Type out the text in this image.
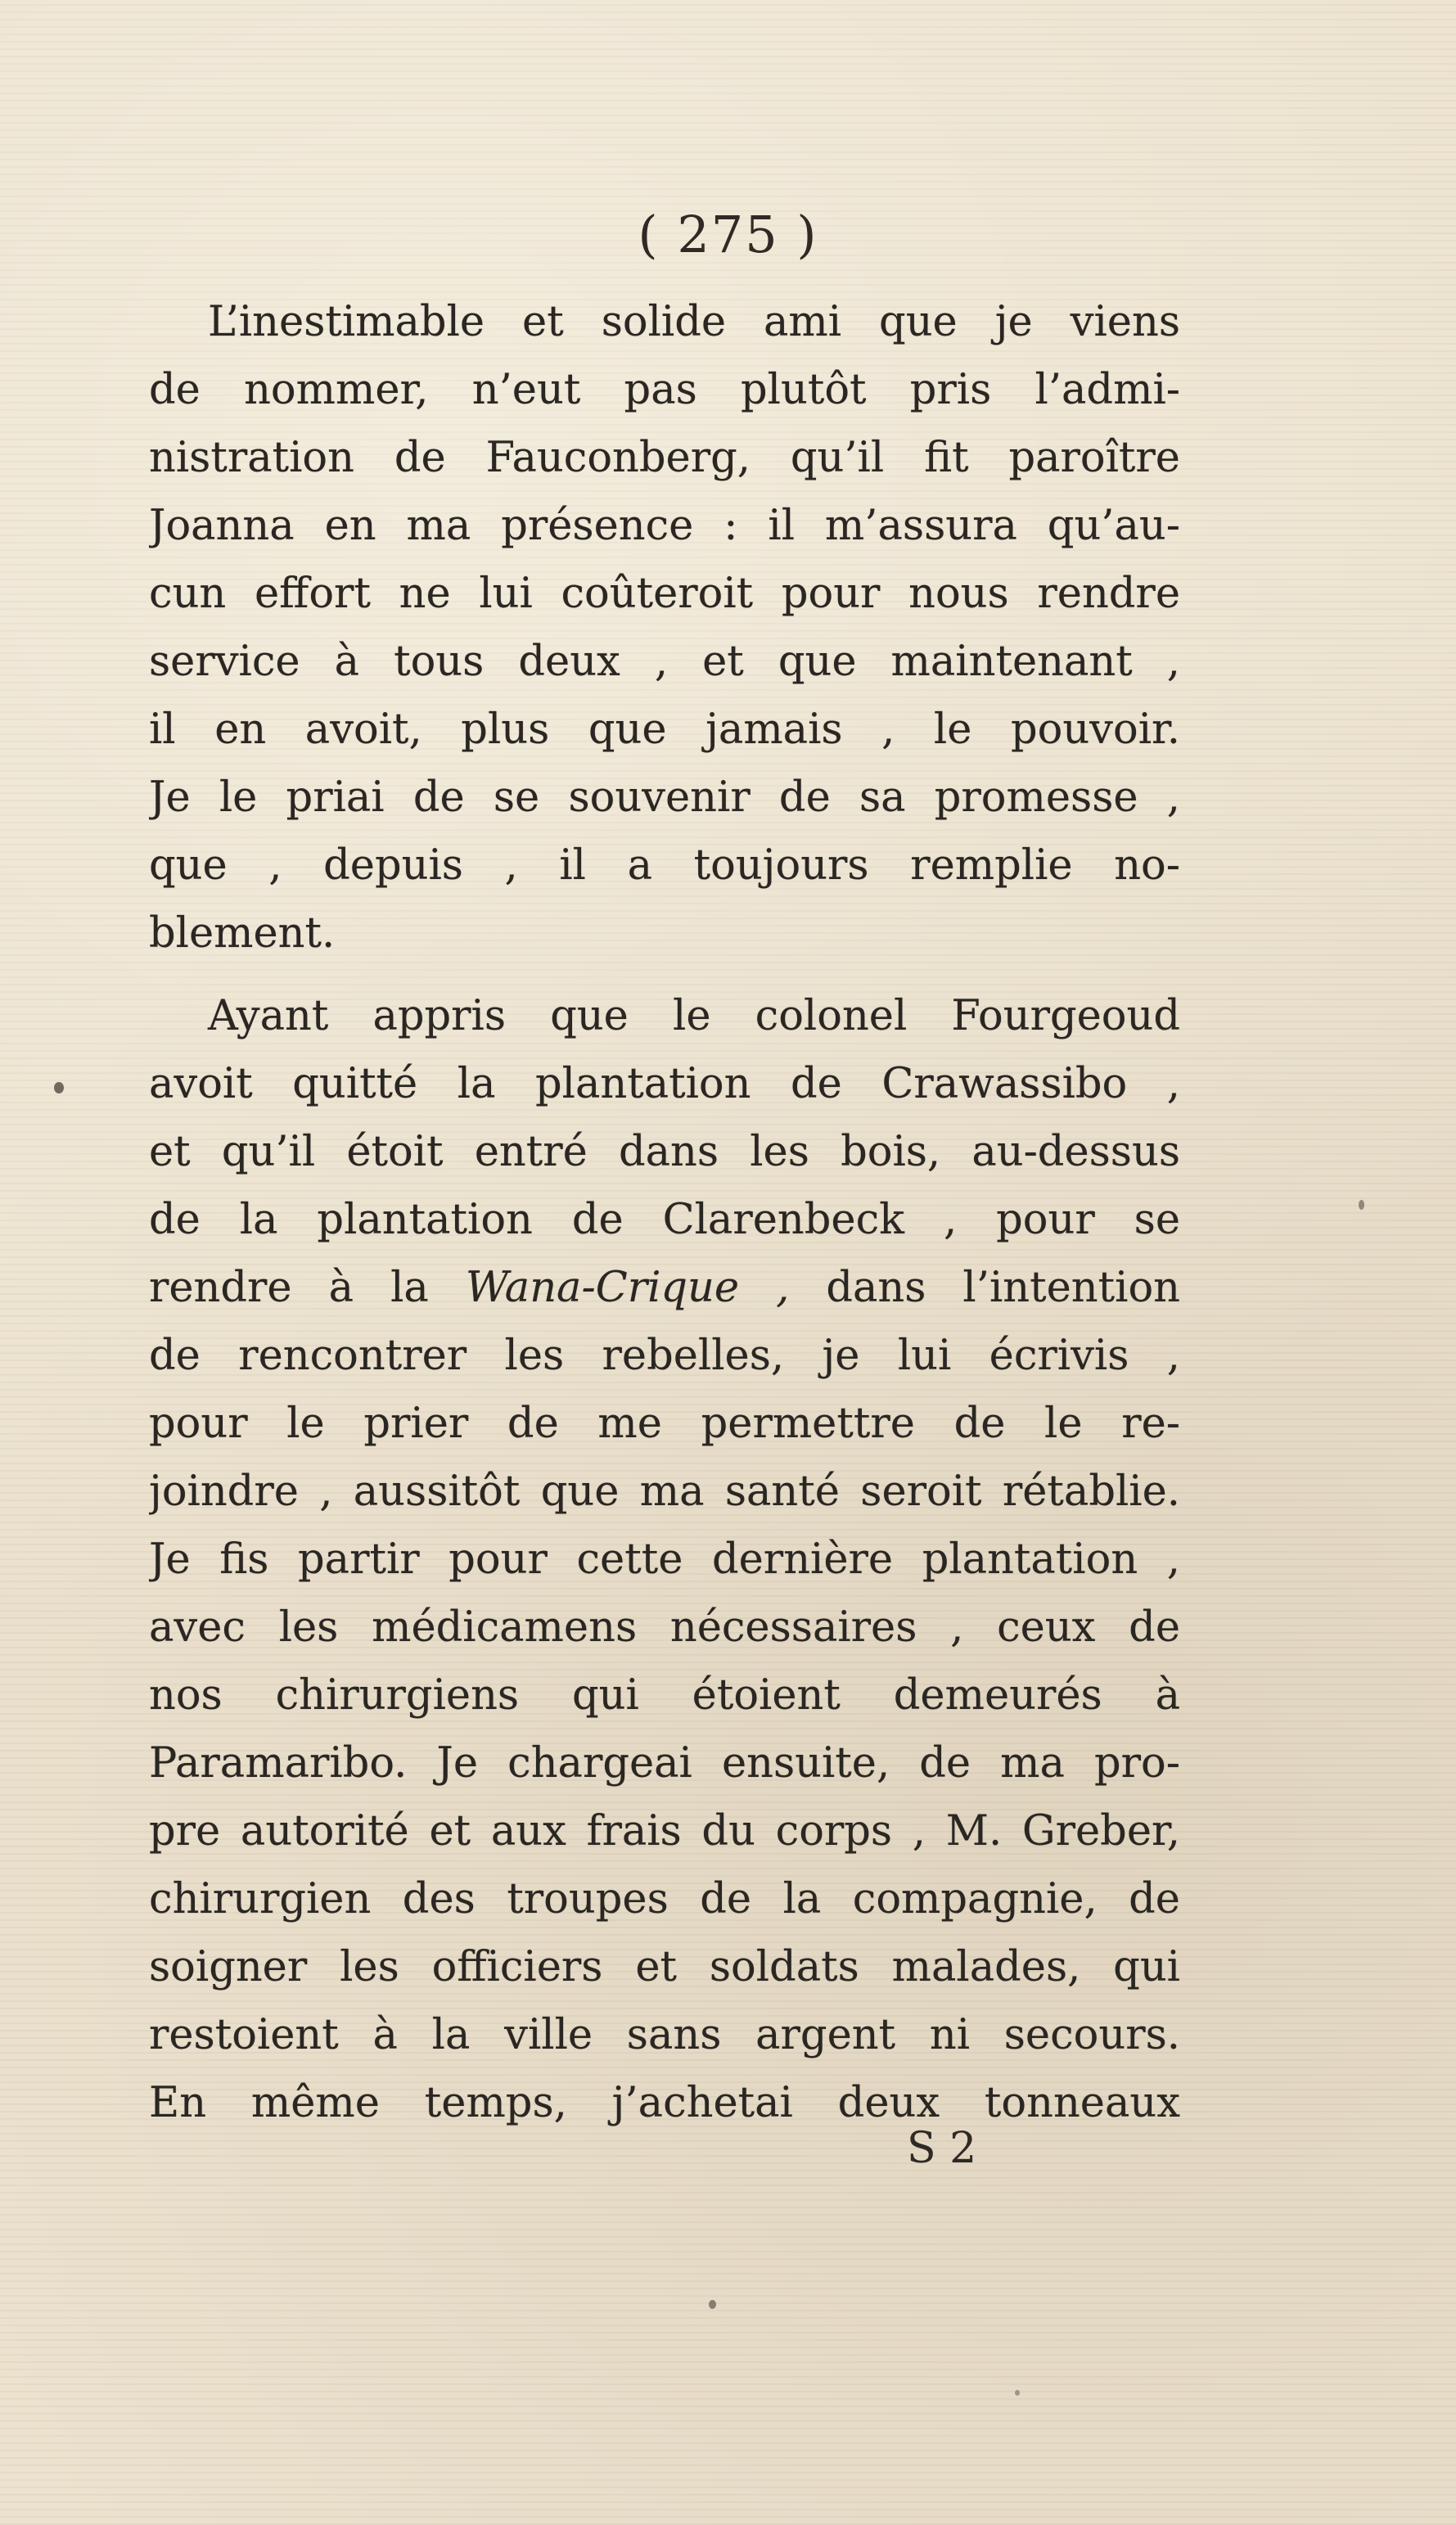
( 275 )
L’inestimable et solide ami que je viens
de nommer, n’eut pas plutôt pris l’admi-
nistration de Fauconberg, qu’il fit paroître
Joanna en ma présence : il m’assura qu’au-
cun effort ne lui coûteroit pour nous rendre
service à tous deux , et que maintenant ,
il en avoit, plus que jamais , le pouvoir.
Je le priai de se souvenir de sa promesse ,
que , depuis , il a toujours remplie no-
blement.
Ayant appris que le colonel Fourgeoud
avoit quitté la plantation de Crawassibo ,
et qu’il étoit entré dans les bois, au-dessus
de la plantation de Clarenbeck , pour se
rendre à la Wana-Crique , dans l’intention
de rencontrer les rebelles, je lui écrivis ,
pour le prier de me permettre de le re-
joindre , aussitôt que ma santé seroit rétablie.
Je fis partir pour cette dernière plantation ,
avec les médicamens nécessaires , ceux de
nos chirurgiens qui étoient demeurés à
Paramaribo. Je chargeai ensuite, de ma pro-
pre autorité et aux frais du corps , M. Greber,
chirurgien des troupes de la compagnie, de
soigner les officiers et soldats malades, qui
restoient à la ville sans argent ni secours.
En même temps, j’achetai deux tonneaux
S 2
